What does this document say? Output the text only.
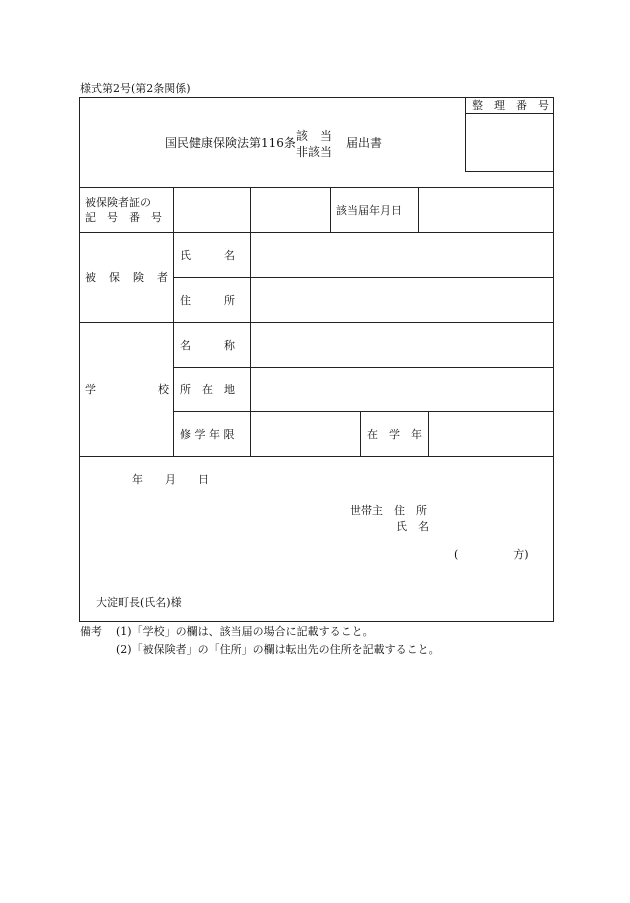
様式第2号(第2条関係)
整　理　番　号
国民健康保険法第116条 該　当
非該当
届出書
被保険者証の
記　号　番　号
該当届年月日
被　保　険　者
氏　　　名
住　　　所
学	校
名　　　称
所　在　地
修 学 年 限	在　学　年
年　　月　　日
世帯主　住　所
氏　名
(　　　　　方)
大淀町長(氏名)様
備考 (1)「学校」の欄は、該当届の場合に記載すること。
(2)「被保険者」の「住所」の欄は転出先の住所を記載すること。
